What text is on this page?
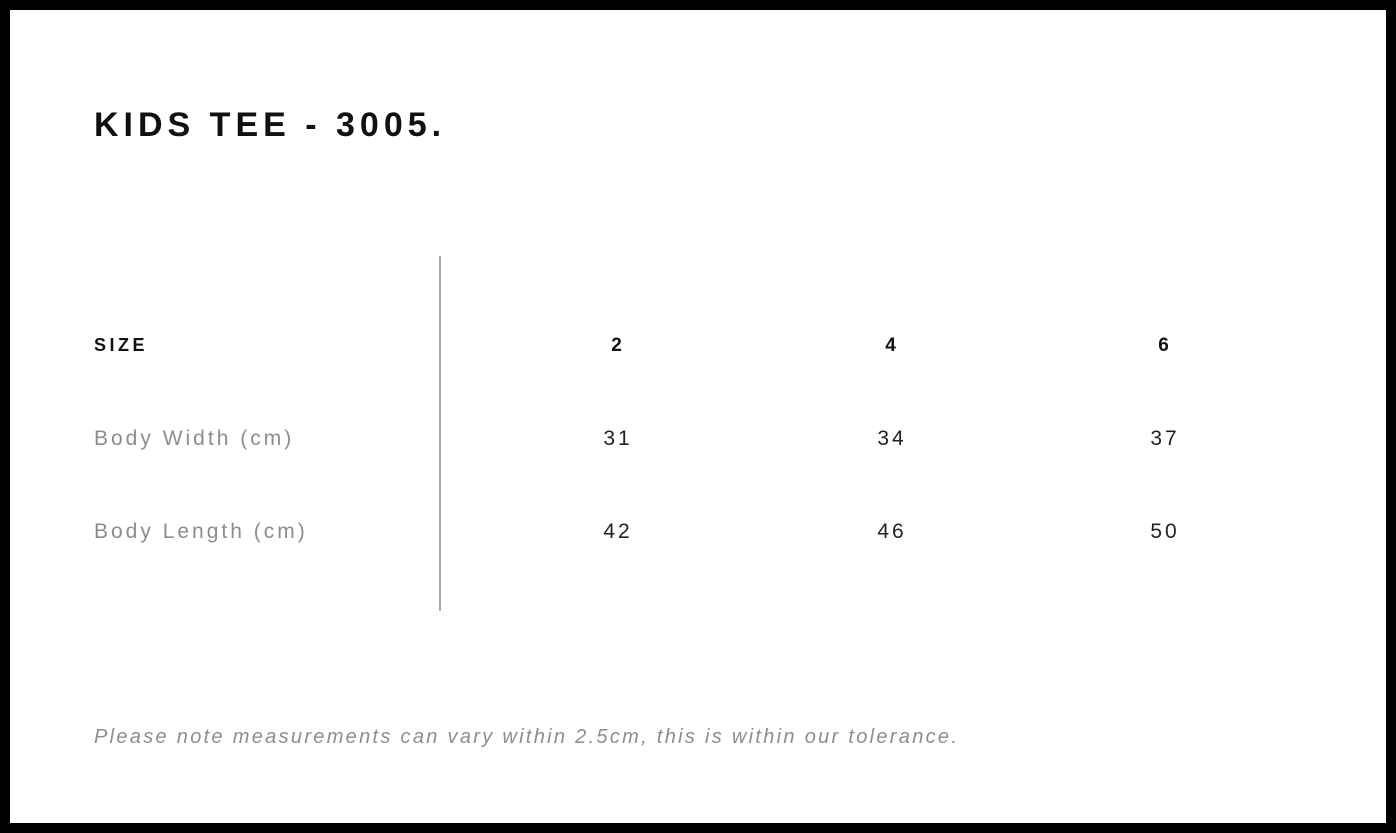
KIDS TEE - 3005.
SIZE	2	4	6
Body Width (cm)	31	34	37
Body Length (cm)	42	46	50
Please note measurements can vary within 2.5cm, this is within our tolerance.
